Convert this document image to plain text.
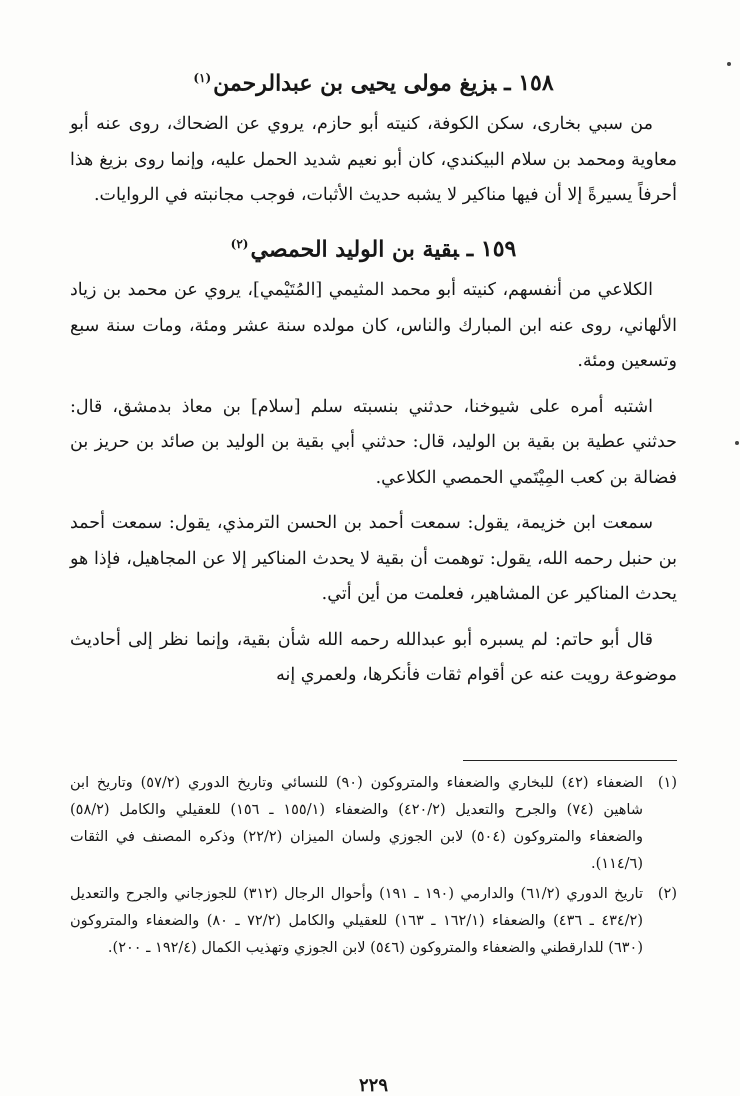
١٥٨ ـبزيغ مولى يحيى بن عبدالرحمن$^{(١)}$

من سبي بخارى، سكن الكوفة، كنيته أبو حازم، يروي عن الضحاك، روى عنه أبو معاوية ومحمد بن سلام البيكندي، كان أبو نعيم شديد الحمل عليه، وإنما روى بزيغ هذا أحرفاً يسيرةً إلا أن فيها مناكير لا يشبه حديث الأثبات، فوجب مجانبته في الروايات.

١٥٩ ـبقية بن الوليد الحمصي$^{(٢)}$

الكلاعي من أنفسهم، كنيته أبو محمد المثيمي [المُتَيْمي]، يروي عن محمد بن زياد الألهاني، روى عنه ابن المبارك والناس، كان مولده سنة عشر ومئة، ومات سنة سبع وتسعين ومئة.

اشتبه أمره على شيوخنا، حدثني بنسبته سلم [سلام] بن معاذ بدمشق، قال: حدثني عطية بن بقية بن الوليد، قال: حدثني أبي بقية بن الوليد بن صائد بن حريز بن فضالة بن كعب المِيْتَمي الحمصي الكلاعي.

سمعت ابن خزيمة، يقول: سمعت أحمد بن الحسن الترمذي، يقول: سمعت أحمد بن حنبل رحمه الله، يقول: توهمت أن بقية لا يحدث المناكير إلا عن المجاهيل، فإذا هو يحدث المناكير عن المشاهير، فعلمت من أين أتي.

قال أبو حاتم: لم يسبره أبو عبدالله رحمه الله شأن بقية، وإنما نظر إلى أحاديث موضوعة رويت عنه عن أقوام ثقات فأنكرها، ولعمري إنه

(١)
الضعفاء (٤٢) للبخاري والضعفاء والمتروكون (٩٠) للنسائي وتاريخ الدوري (٥٧/٢) وتاريخ ابن شاهين (٧٤) والجرح والتعديل (٤٢٠/٢) والضعفاء (١٥٥/١ ـ ١٥٦) للعقيلي والكامل (٥٨/٢) والضعفاء والمتروكون (٥٠٤) لابن الجوزي ولسان الميزان (٢٢/٢) وذكره المصنف في الثقات (١١٤/٦).
(٢)
تاريخ الدوري (٦١/٢) والدارمي (١٩٠ ـ ١٩١) وأحوال الرجال (٣١٢) للجوزجاني والجرح والتعديل (٤٣٤/٢ ـ ٤٣٦) والضعفاء (١٦٢/١ ـ ١٦٣) للعقيلي والكامل (٧٢/٢ ـ ٨٠) والضعفاء والمتروكون (٦٣٠) للدارقطني والضعفاء والمتروكون (٥٤٦) لابن الجوزي وتهذيب الكمال (١٩٢/٤ ـ ٢٠٠).
٢٢٩
